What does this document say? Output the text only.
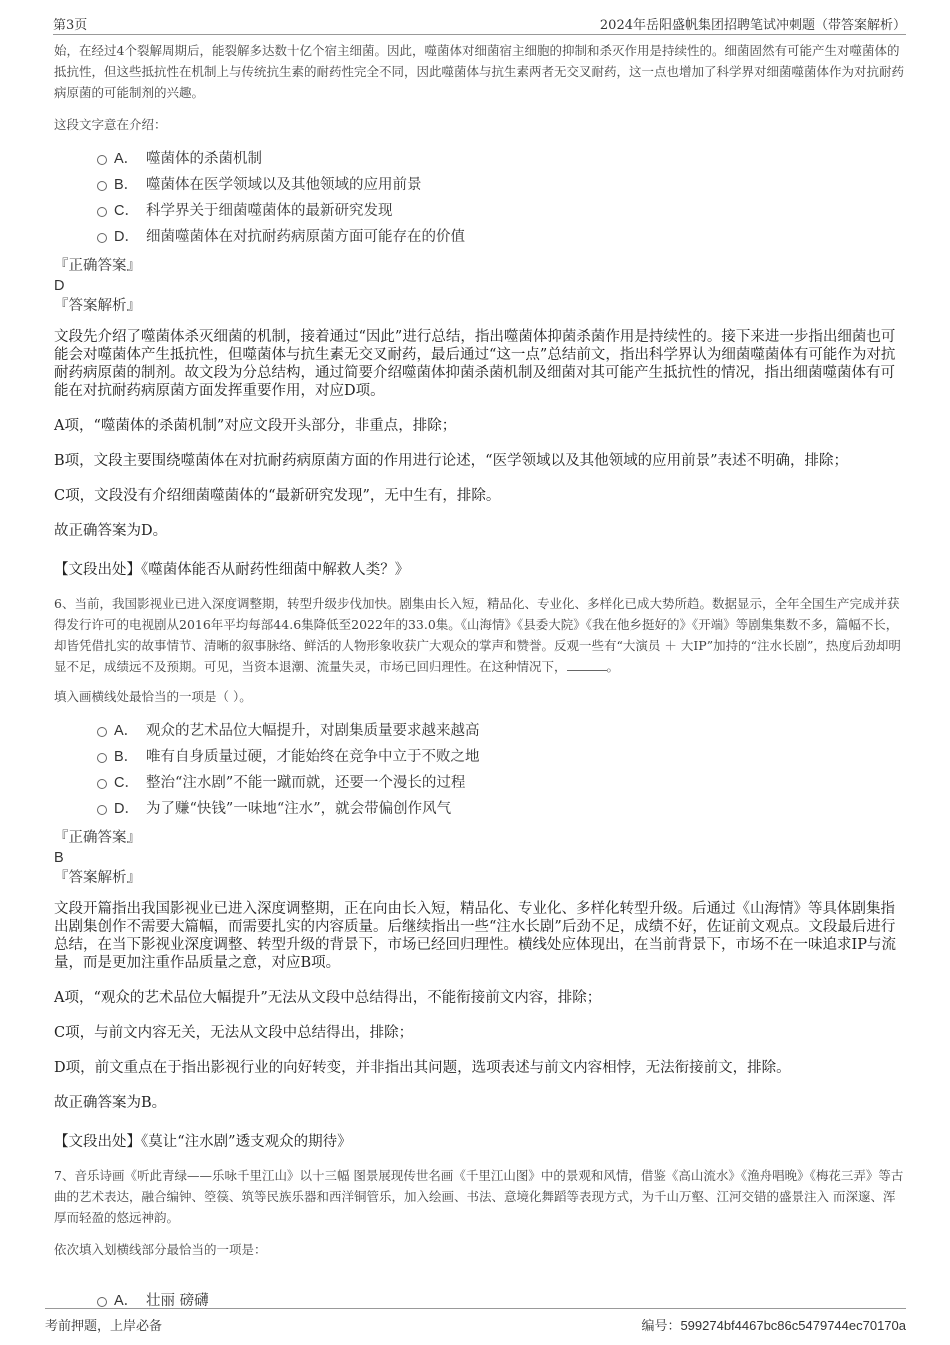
第3页	2024年岳阳盛帆集团招聘笔试冲刺题（带答案解析）

始，在经过4个裂解周期后，能裂解多达数十亿个宿主细菌。因此，噬菌体对细菌宿主细胞的抑制和杀灭作用是持续性的。细菌固然有可能产生对噬菌体的抵抗性，但这些抵抗性在机制上与传统抗生素的耐药性完全不同，因此噬菌体与抗生素两者无交叉耐药，这一点也增加了科学界对细菌噬菌体作为对抗耐药病原菌的可能制剂的兴趣。

这段文字意在介绍：

A． 噬菌体的杀菌机制
B． 噬菌体在医学领域以及其他领域的应用前景
C． 科学界关于细菌噬菌体的最新研究发现
D． 细菌噬菌体在对抗耐药病原菌方面可能存在的价值

『正确答案』

D

『答案解析』

文段先介绍了噬菌体杀灭细菌的机制，接着通过“因此”进行总结，指出噬菌体抑菌杀菌作用是持续性的。接下来进一步指出细菌也可能会对噬菌体产生抵抗性，但噬菌体与抗生素无交叉耐药，最后通过“这一点”总结前文，指出科学界认为细菌噬菌体有可能作为对抗耐药病原菌的制剂。故文段为分总结构，通过简要介绍噬菌体抑菌杀菌机制及细菌对其可能产生抵抗性的情况，指出细菌噬菌体有可能在对抗耐药病原菌方面发挥重要作用，对应D项。

A项，“噬菌体的杀菌机制”对应文段开头部分，非重点，排除；

B项，文段主要围绕噬菌体在对抗耐药病原菌方面的作用进行论述，“医学领域以及其他领域的应用前景”表述不明确，排除；

C项，文段没有介绍细菌噬菌体的“最新研究发现”，无中生有，排除。

故正确答案为D。

【文段出处】《噬菌体能否从耐药性细菌中解救人类？》

6、当前，我国影视业已进入深度调整期，转型升级步伐加快。剧集由长入短，精品化、专业化、多样化已成大势所趋。数据显示，全年全国生产完成并获得发行许可的电视剧从2016年平均每部44.6集降低至2022年的33.0集。《山海情》《县委大院》《我在他乡挺好的》《开端》等剧集集数不多，篇幅不长，却皆凭借扎实的故事情节、清晰的叙事脉络、鲜活的人物形象收获广大观众的掌声和赞誉。反观一些有“大演员 ＋ 大IP”加持的“注水长剧”，热度后劲却明显不足，成绩远不及预期。可见，当资本退潮、流量失灵，市场已回归理性。在这种情况下，	。

填入画横线处最恰当的一项是（ ）。

A． 观众的艺术品位大幅提升，对剧集质量要求越来越高
B． 唯有自身质量过硬，才能始终在竞争中立于不败之地
C． 整治“注水剧”不能一蹴而就，还要一个漫长的过程
D． 为了赚“快钱”一味地“注水”，就会带偏创作风气

『正确答案』

B

『答案解析』

文段开篇指出我国影视业已进入深度调整期，正在向由长入短，精品化、专业化、多样化转型升级。后通过《山海情》等具体剧集指出剧集创作不需要大篇幅，而需要扎实的内容质量。后继续指出一些“注水长剧”后劲不足，成绩不好，佐证前文观点。文段最后进行总结，在当下影视业深度调整、转型升级的背景下，市场已经回归理性。横线处应体现出，在当前背景下，市场不在一味追求IP与流量，而是更加注重作品质量之意，对应B项。

A项，“观众的艺术品位大幅提升”无法从文段中总结得出，不能衔接前文内容，排除；

C项，与前文内容无关，无法从文段中总结得出，排除；

D项，前文重点在于指出影视行业的向好转变，并非指出其问题，选项表述与前文内容相悖，无法衔接前文，排除。

故正确答案为B。

【文段出处】《莫让“注水剧”透支观众的期待》

7、音乐诗画《听此青绿——乐咏千里江山》以十三幅 图景展现传世名画《千里江山图》中的景观和风情，借鉴《高山流水》《渔舟唱晚》《梅花三弄》等古曲的艺术表达，融合编钟、箜篌、筑等民族乐器和西洋铜管乐，加入绘画、书法、意境化舞蹈等表现方式，为千山万壑、江河交错的盛景注入 而深邃、浑厚而轻盈的悠远神韵。

依次填入划横线部分最恰当的一项是：

A． 壮丽 磅礴
考前押题，上岸必备	编号：599274bf4467bc86c5479744ec70170a
